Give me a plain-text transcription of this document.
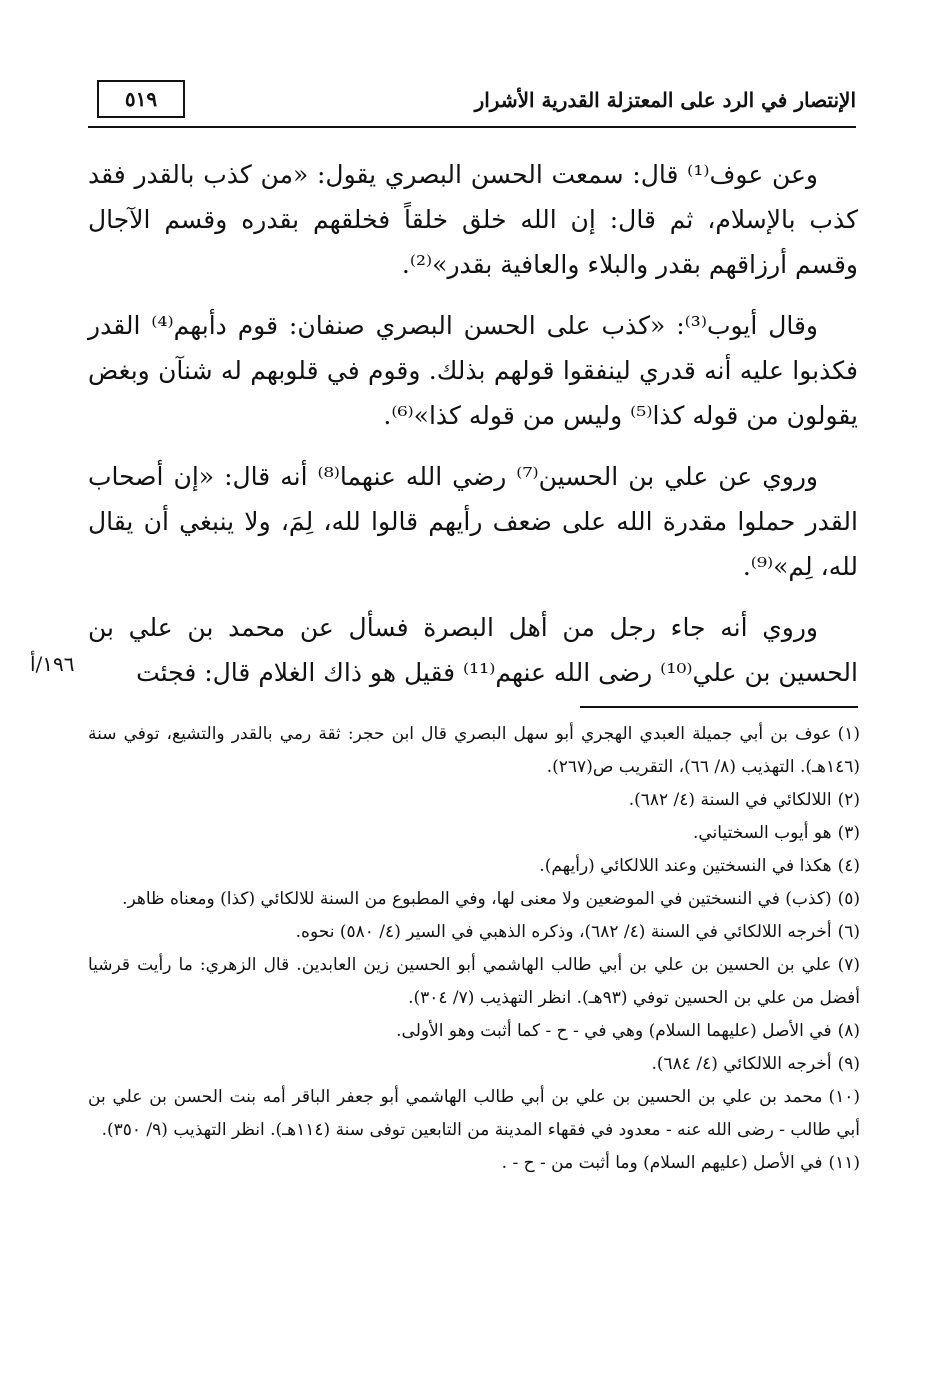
الإنتصار في الرد على المعتزلة القدرية الأشرار
٥١٩

وعن عوف⁽¹⁾ قال: سمعت الحسن البصري يقول: «من كذب بالقدر فقد كذب بالإسلام، ثم قال: إن الله خلق خلقاً فخلقهم بقدره وقسم الآجال وقسم أرزاقهم بقدر والبلاء والعافية بقدر»⁽²⁾.

وقال أيوب⁽³⁾: «كذب على الحسن البصري صنفان: قوم دأبهم⁽⁴⁾ القدر فكذبوا عليه أنه قدري لينفقوا قولهم بذلك. وقوم في قلوبهم له شنآن وبغض يقولون من قوله كذا⁽⁵⁾ وليس من قوله كذا»⁽⁶⁾.

وروي عن علي بن الحسين⁽⁷⁾ رضي الله عنهما⁽⁸⁾ أنه قال: «إن أصحاب القدر حملوا مقدرة الله على ضعف رأيهم قالوا لله، لِمَ، ولا ينبغي أن يقال لله، لِم»⁽⁹⁾.

وروي أنه جاء رجل من أهل البصرة فسأل عن محمد بن علي بن الحسين بن علي⁽¹⁰⁾ رضى الله عنهم⁽¹¹⁾ فقيل هو ذاك الغلام قال: فجئت

١٩٦/أ

(١)عوف بن أبي جميلة العبدي الهجري أبو سهل البصري قال ابن حجر: ثقة رمي بالقدر والتشيع، توفي سنة (١٤٦هـ). التهذيب (٨/ ٦٦)، التقريب ص(٢٦٧).

(٢)اللالكائي في السنة (٤/ ٦٨٢).

(٣)هو أيوب السختياني.

(٤)هكذا في النسختين وعند اللالكائي (رأيهم).

(٥)(كذب) في النسختين في الموضعين ولا معنى لها، وفي المطبوع من السنة للالكائي (كذا) ومعناه ظاهر.

(٦)أخرجه اللالكائي في السنة (٤/ ٦٨٢)، وذكره الذهبي في السير (٤/ ٥٨٠) نحوه.

(٧)علي بن الحسين بن علي بن أبي طالب الهاشمي أبو الحسين زين العابدين. قال الزهري: ما رأيت قرشيا أفضل من علي بن الحسين توفي (٩٣هـ). انظر التهذيب (٧/ ٣٠٤).

(٨)في الأصل (عليهما السلام) وهي في - ح - كما أثبت وهو الأولى.

(٩)أخرجه اللالكائي (٤/ ٦٨٤).

(١٠)محمد بن علي بن الحسين بن علي بن أبي طالب الهاشمي أبو جعفر الباقر أمه بنت الحسن بن علي بن أبي طالب - رضى الله عنه - معدود في فقهاء المدينة من التابعين توفى سنة (١١٤هـ). انظر التهذيب (٩/ ٣٥٠).

(١١)في الأصل (عليهم السلام) وما أثبت من - ح - .
